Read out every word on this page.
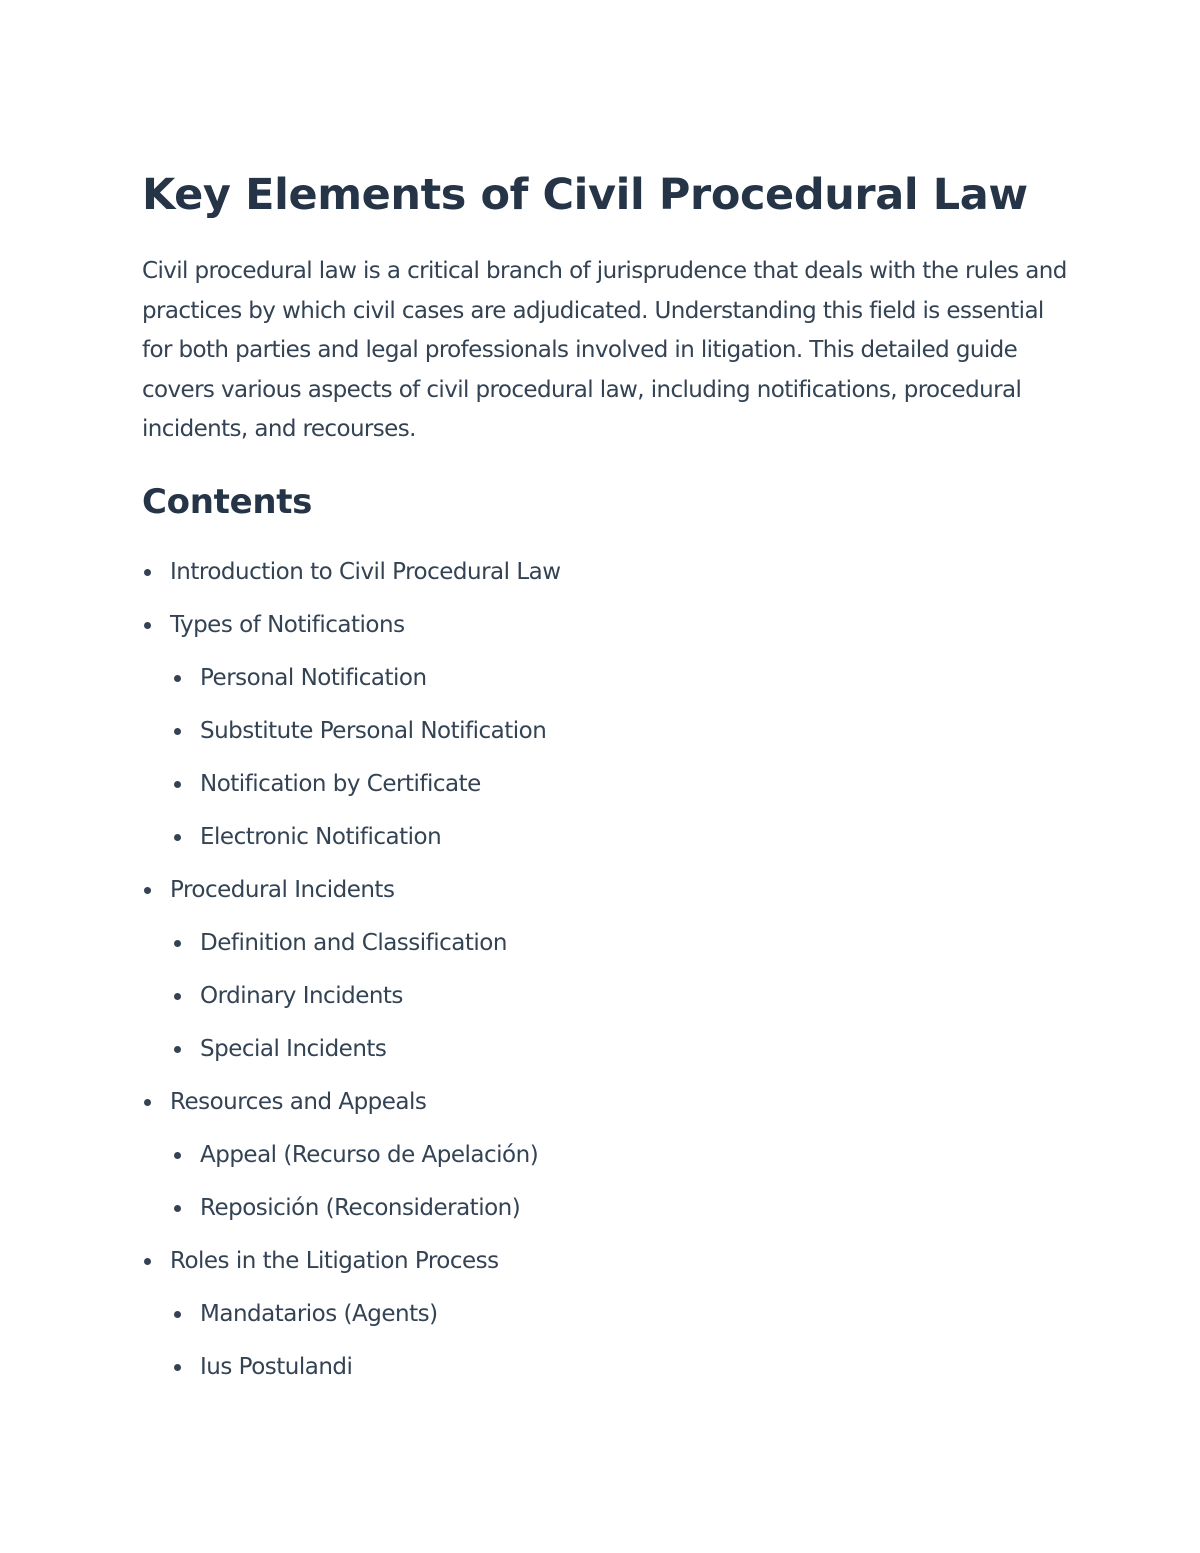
Key Elements of Civil Procedural Law

Civil procedural law is a critical branch of jurisprudence that deals with the rules and practices by which civil cases are adjudicated. Understanding this field is essential for both parties and legal professionals involved in litigation. This detailed guide covers various aspects of civil procedural law, including notifications, procedural incidents, and recourses.

Contents
Introduction to Civil Procedural Law
Types of Notifications
Personal Notification
Substitute Personal Notification
Notification by Certificate
Electronic Notification
Procedural Incidents
Definition and Classification
Ordinary Incidents
Special Incidents
Resources and Appeals
Appeal (Recurso de Apelación)
Reposición (Reconsideration)
Roles in the Litigation Process
Mandatarios (Agents)
Ius Postulandi
